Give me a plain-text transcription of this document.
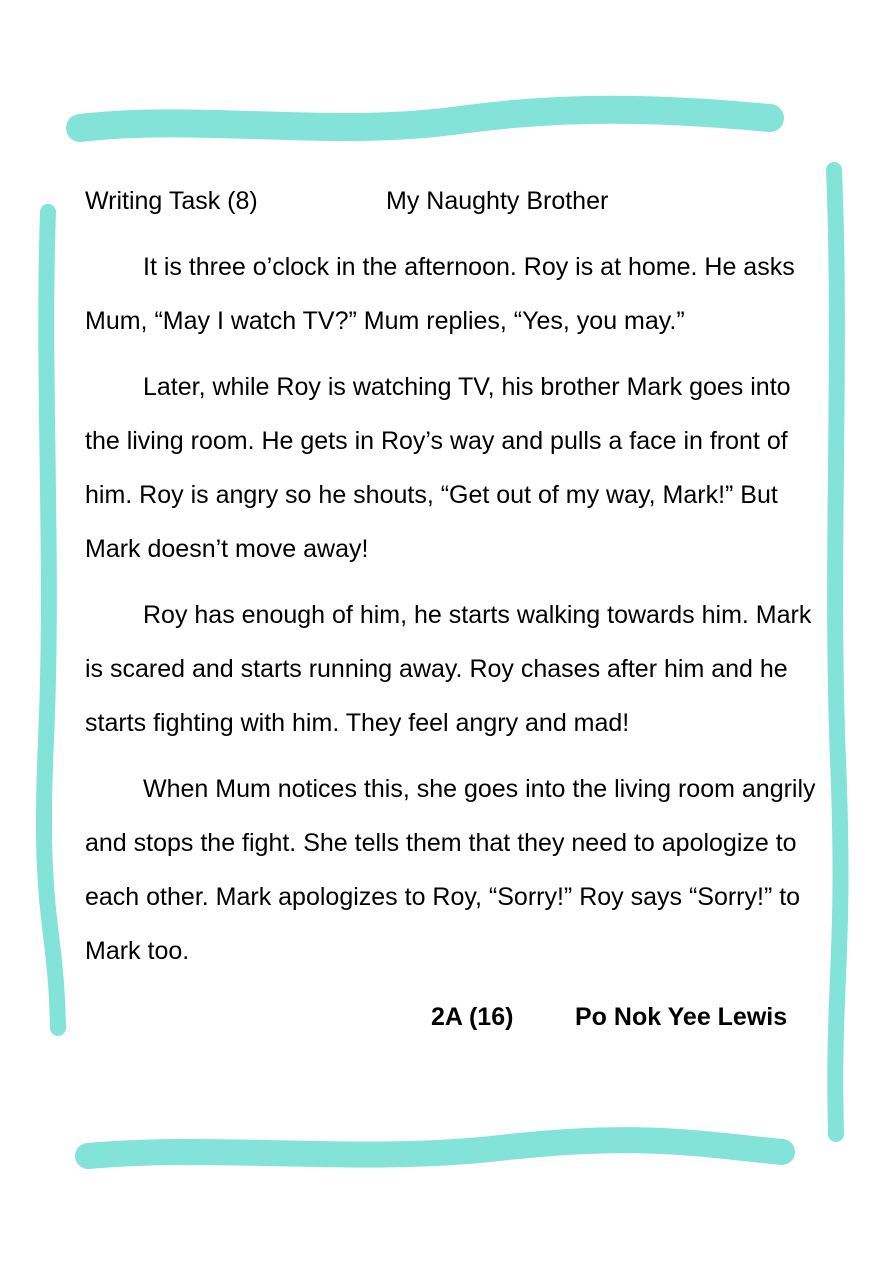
Writing Task (8)	My Naughty Brother

It is three o’clock in the afternoon. Roy is at home. He asks Mum, “May I watch TV?” Mum replies, “Yes, you may.”

Later, while Roy is watching TV, his brother Mark goes into the living room. He gets in Roy’s way and pulls a face in front of him. Roy is angry so he shouts, “Get out of my way, Mark!” But Mark doesn’t move away!

Roy has enough of him, he starts walking towards him. Mark is scared and starts running away. Roy chases after him and he starts fighting with him. They feel angry and mad!

When Mum notices this, she goes into the living room angrily and stops the fight. She tells them that they need to apologize to each other. Mark apologizes to Roy, “Sorry!” Roy says “Sorry!” to Mark too.

2A (16) Po Nok Yee Lewis
